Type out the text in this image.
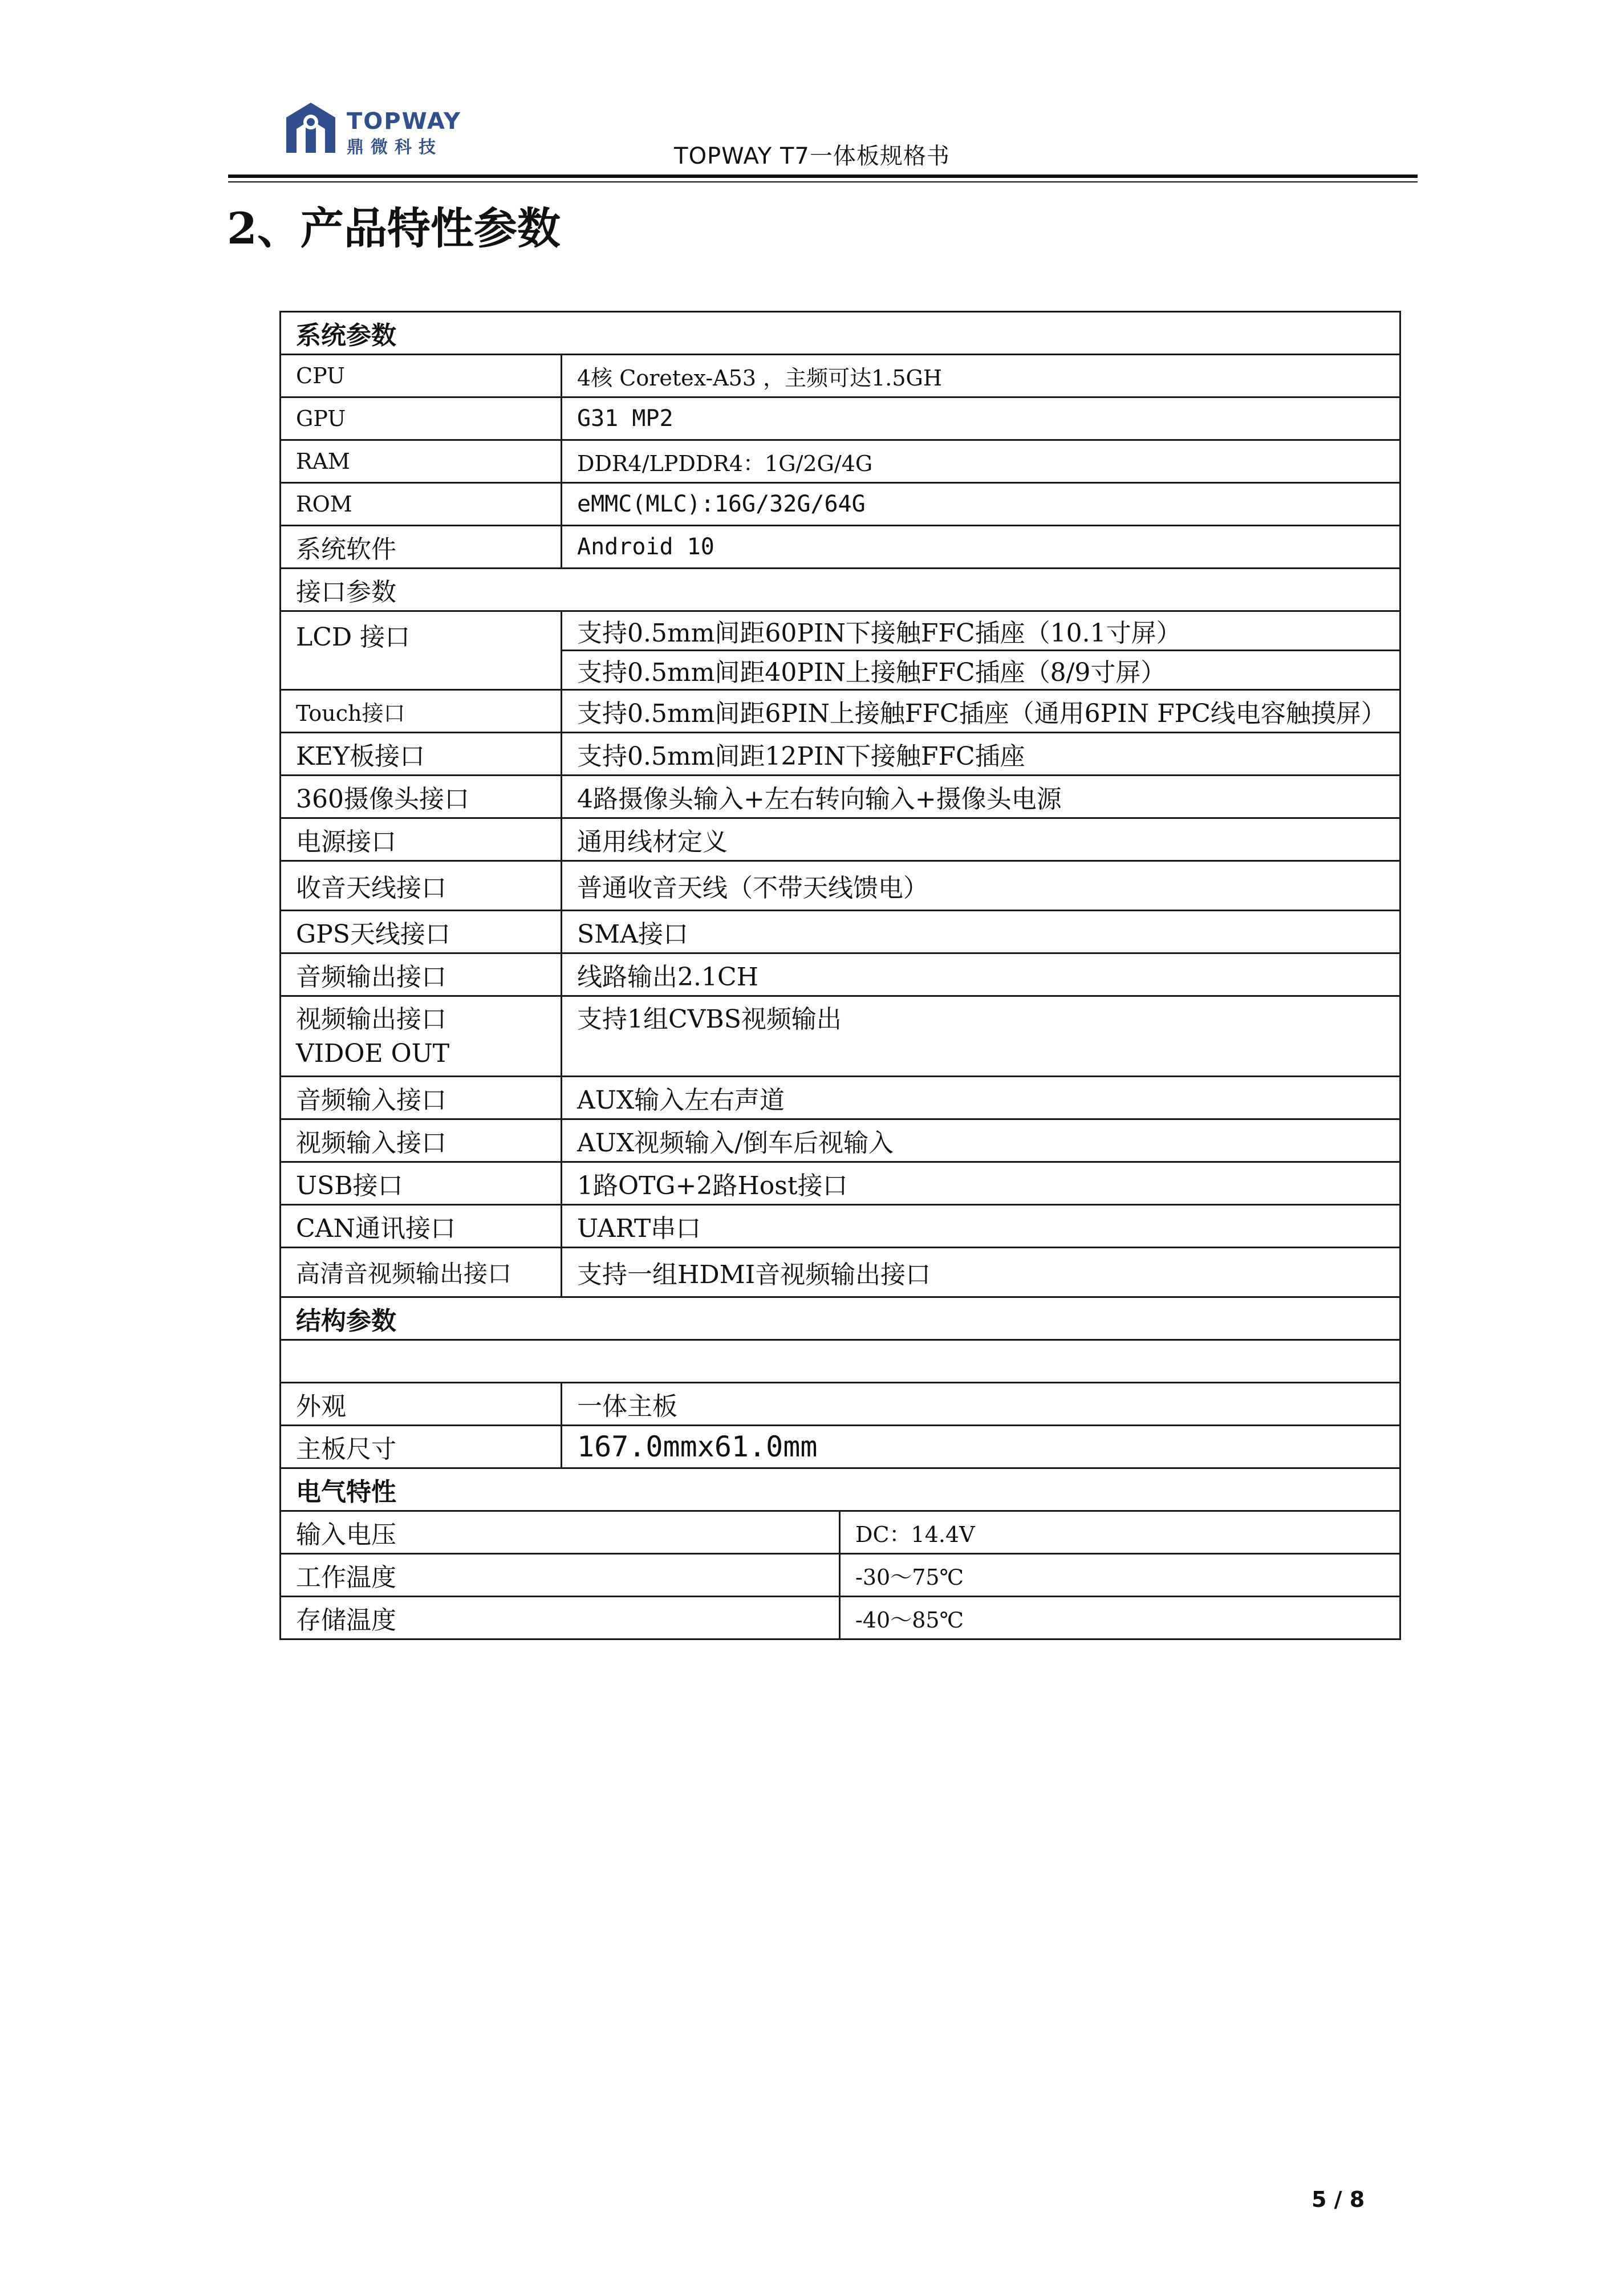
TOPWAY
鼎微科技	TOPWAY T7一体板规格书
2、产品特性参数
系统参数		
CPU	4核 Coretex-A53 ，主频可达1.5GH	
GPU	G31 MP2	
RAM	DDR4/LPDDR4：1G/2G/4G	
ROM	eMMC(MLC):16G/32G/64G	
系统软件	Android 10	
接口参数		
LCD 接口	支持0.5mm间距60PIN下接触FFC插座（10.1寸屏）	
	支持0.5mm间距40PIN上接触FFC插座（8/9寸屏）	
Touch接口	支持0.5mm间距6PIN上接触FFC插座（通用6PIN FPC线电容触摸屏）	
KEY板接口	支持0.5mm间距12PIN下接触FFC插座	
360摄像头接口	4路摄像头输入+左右转向输入+摄像头电源	
电源接口	通用线材定义	
收音天线接口	普通收音天线（不带天线馈电）	
GPS天线接口	SMA接口	
音频输出接口	线路输出2.1CH	

视频输出接口
VIDOE OUT	支持1组CVBS视频输出	
音频输入接口	AUX输入左右声道	
视频输入接口	AUX视频输入/倒车后视输入	
USB接口	1路OTG+2路Host接口	
CAN通讯接口	UART串口	
高清音视频输出接口	支持一组HDMI音视频输出接口	
结构参数		

外观	一体主板	
主板尺寸	167.0mmx61.0mm	
电气特性		
输入电压		DC：14.4V
工作温度		-30～75℃
存储温度		-40～85℃
5 / 8
